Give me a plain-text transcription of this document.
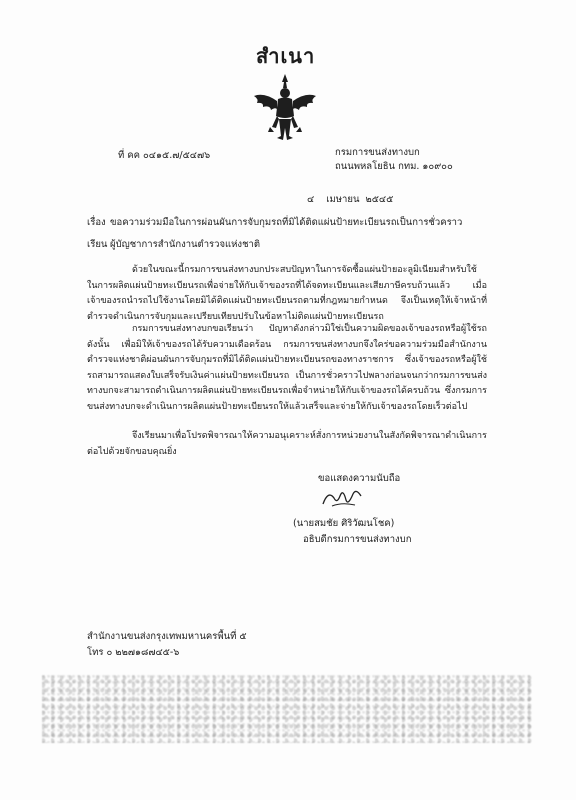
สำเนา
ที่ คค ๐๔๑๕.๗/๕๔๗๖	กรมการขนส่งทางบก
ถนนพหลโยธิน กทม. ๑๐๙๐๐
๔    เมษายน  ๒๕๔๕
เรื่อง ขอความร่วมมือในการผ่อนผันการจับกุมรถที่มิได้ติดแผ่นป้ายทะเบียนรถเป็นการชั่วคราว
เรียน ผู้บัญชาการสำนักงานตำรวจแห่งชาติ
ด้วยในขณะนี้กรมการขนส่งทางบกประสบปัญหาในการจัดซื้อแผ่นป้ายอะลูมิเนียมสำหรับใช้ในการผลิตแผ่นป้ายทะเบียนรถเพื่อจ่ายให้กับเจ้าของรถที่ได้จดทะเบียนและเสียภาษีครบถ้วนแล้ว เมื่อเจ้าของรถนำรถไปใช้งานโดยมิได้ติดแผ่นป้ายทะเบียนรถตามที่กฎหมายกำหนด จึงเป็นเหตุให้เจ้าหน้าที่ตำรวจดำเนินการจับกุมและเปรียบเทียบปรับในข้อหาไม่ติดแผ่นป้ายทะเบียนรถ
กรมการขนส่งทางบกขอเรียนว่า ปัญหาดังกล่าวมิใช่เป็นความผิดของเจ้าของรถหรือผู้ใช้รถ ดังนั้น เพื่อมิให้เจ้าของรถได้รับความเดือดร้อน กรมการขนส่งทางบกจึงใคร่ขอความร่วมมือสำนักงานตำรวจแห่งชาติผ่อนผันการจับกุมรถที่มิได้ติดแผ่นป้ายทะเบียนรถของทางราชการ ซึ่งเจ้าของรถหรือผู้ใช้รถสามารถแสดงใบเสร็จรับเงินค่าแผ่นป้ายทะเบียนรถ เป็นการชั่วคราวไปพลางก่อนจนกว่ากรมการขนส่งทางบกจะสามารถดำเนินการผลิตแผ่นป้ายทะเบียนรถเพื่อจำหน่ายให้กับเจ้าของรถได้ครบถ้วน ซึ่งกรมการขนส่งทางบกจะดำเนินการผลิตแผ่นป้ายทะเบียนรถให้แล้วเสร็จและจ่ายให้กับเจ้าของรถโดยเร็วต่อไป
จึงเรียนมาเพื่อโปรดพิจารณาให้ความอนุเคราะห์สั่งการหน่วยงานในสังกัดพิจารณาดำเนินการต่อไปด้วยจักขอบคุณยิ่ง
ขอแสดงความนับถือ
(นายสมชัย ศิริวัฒนโชค)
อธิบดีกรมการขนส่งทางบก
สำนักงานขนส่งกรุงเทพมหานครพื้นที่ ๕
โทร ๐ ๒๒๗๑๘๗๔๕-๖
